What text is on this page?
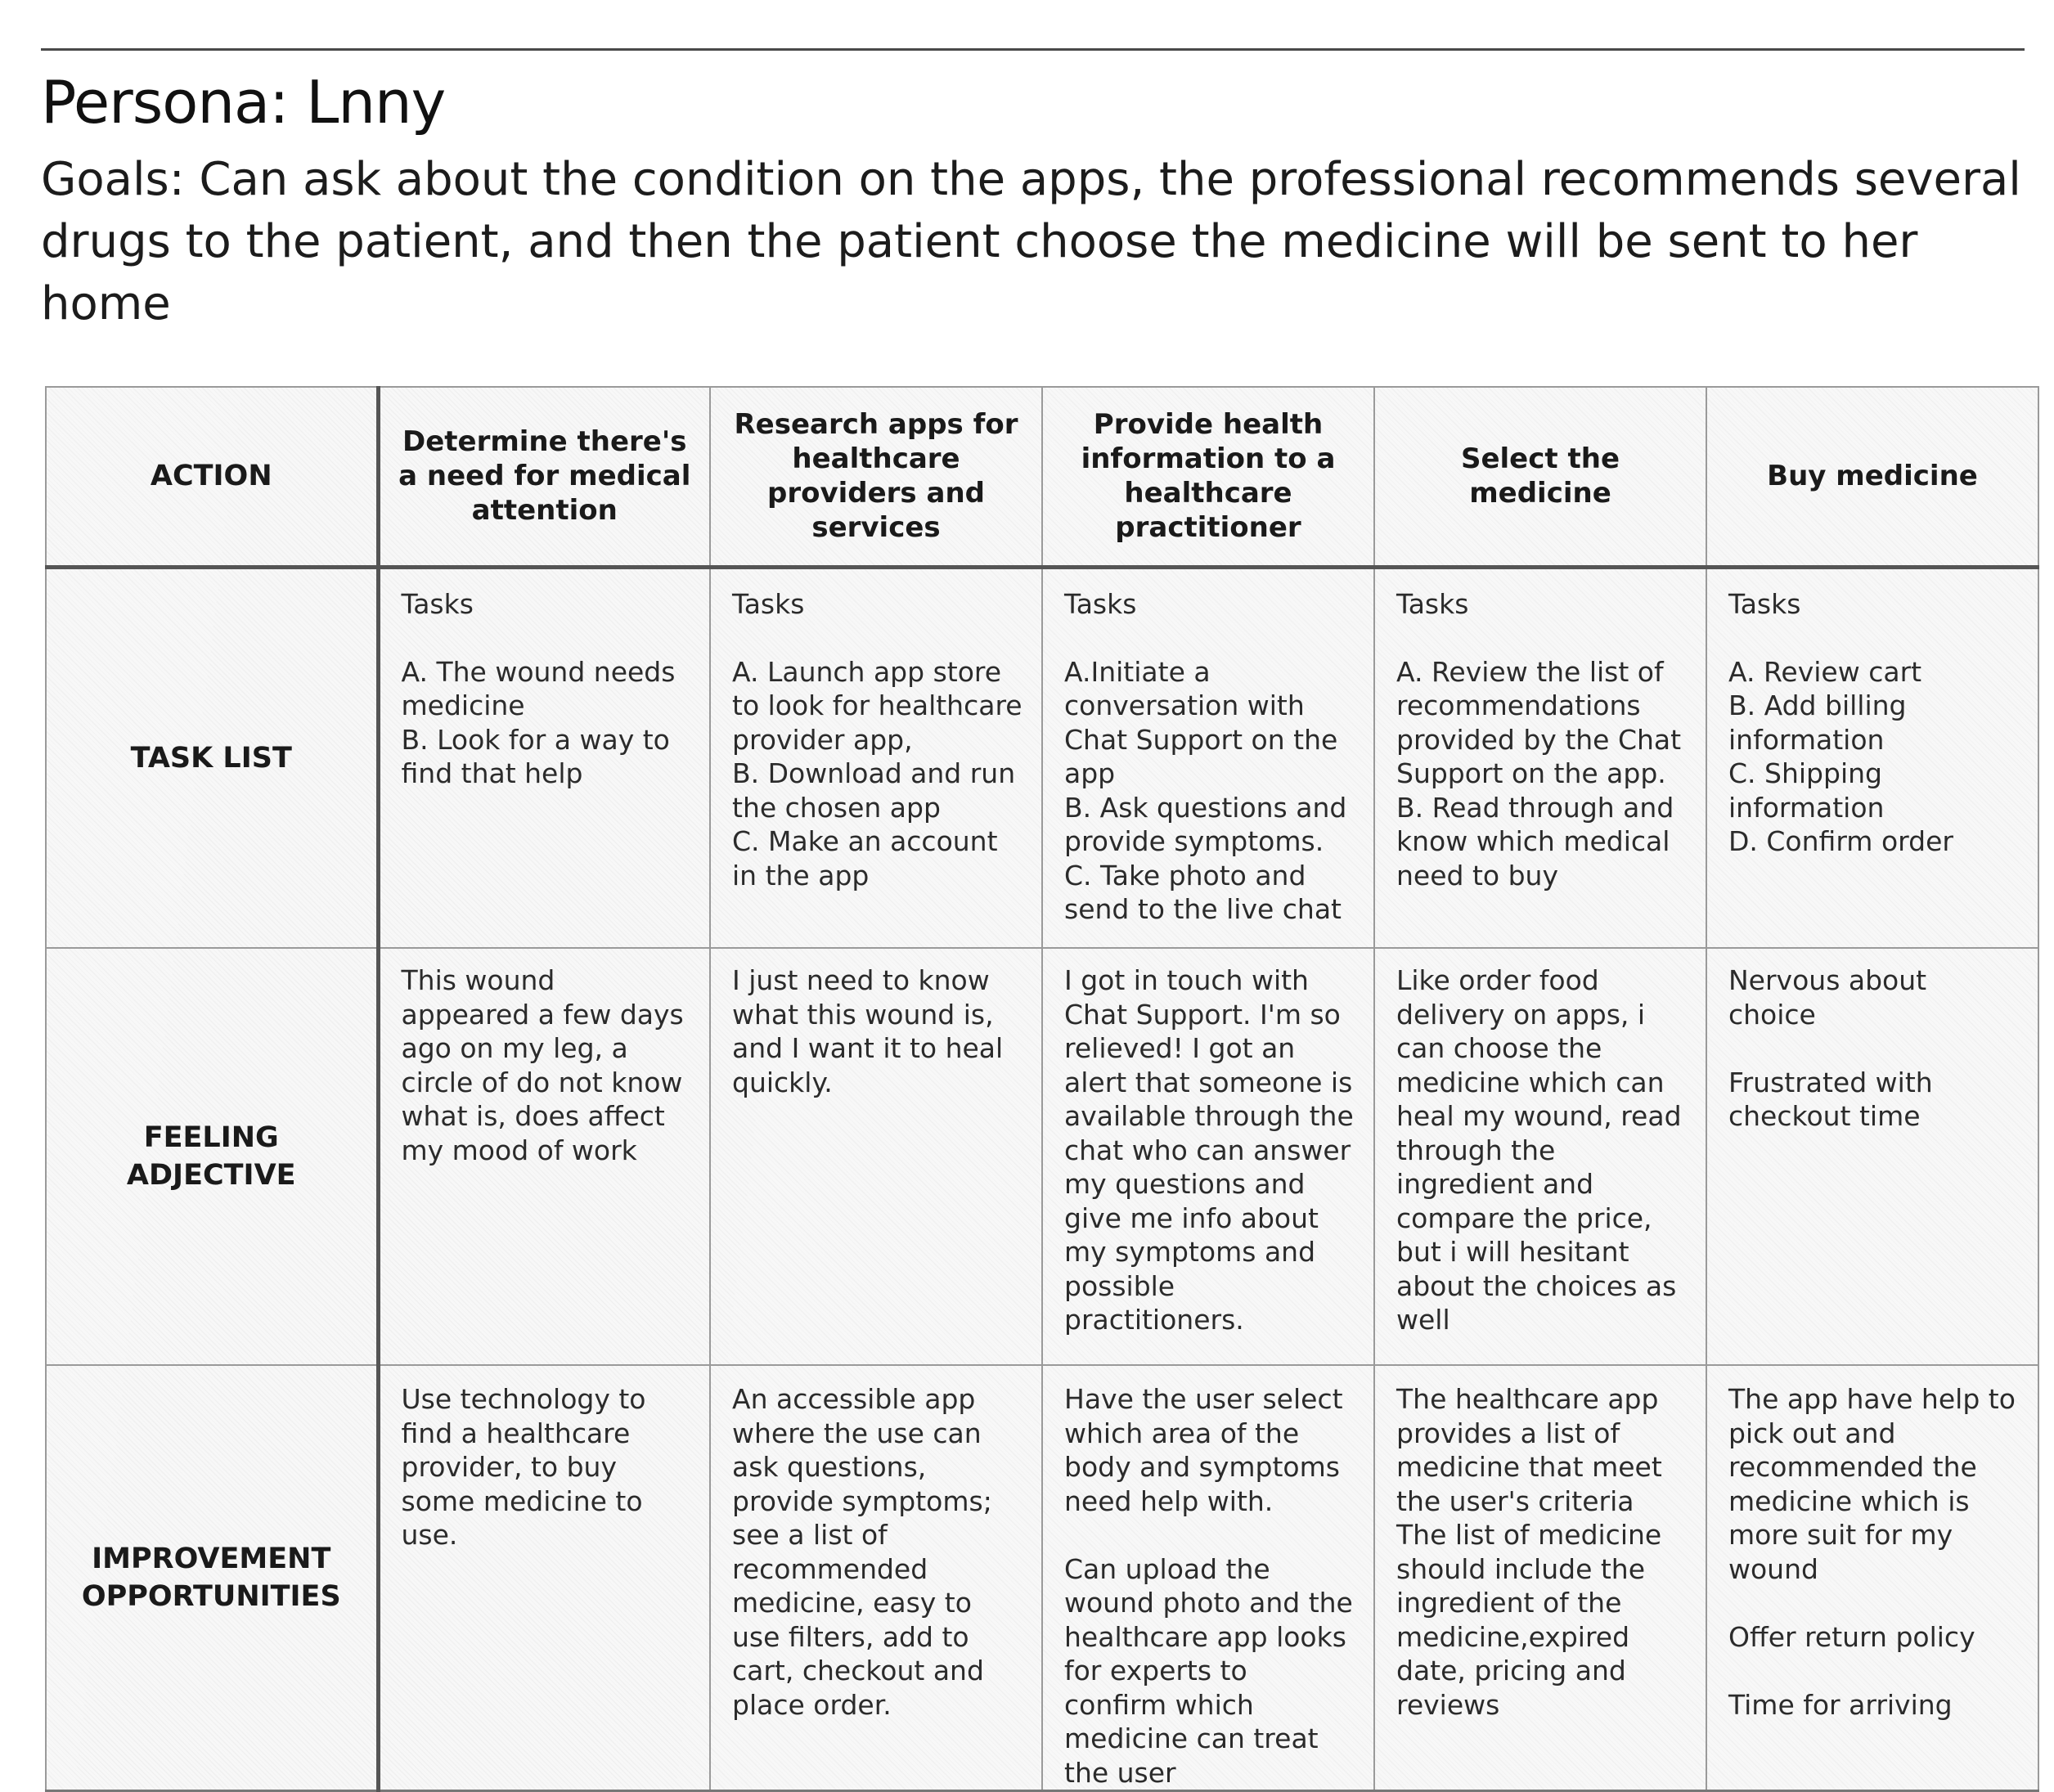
Persona: Lnny
Goals: Can ask about the condition on the apps, the professional recommends several drugs to the patient, and then the patient choose the medicine will be sent to her home
ACTION	Determine there's a need for medical attention	Research apps for healthcare providers and services	Provide health information to a healthcare practitioner	Select the medicine	Buy medicine

TASK LIST	Tasks

A. The wound needs medicine
B. Look for a way to find that help	Tasks

A. Launch app store to look for healthcare provider app,
B. Download and run the chosen app
C. Make an account in the app	Tasks

A.Initiate a conversation with Chat Support on the app
B. Ask questions and provide symptoms.
C. Take photo and send to the live chat	Tasks

A. Review the list of recommendations provided by the Chat Support on the app.
B. Read through and know which medical need to buy	Tasks

A. Review cart
B. Add billing information
C. Shipping information
D. Confirm order

FEELING
ADJECTIVE	This wound appeared a few days ago on my leg, a circle of do not know what is, does affect my mood of work	I just need to know what this wound is, and I want it to heal quickly.	I got in touch with Chat Support. I'm so relieved! I got an alert that someone is available through the chat who can answer my questions and give me info about my symptoms and possible practitioners.	Like order food delivery on apps, i can choose the medicine which can heal my wound, read through the ingredient and compare the price, but i will hesitant about the choices as well	Nervous about choice

Frustrated with checkout time

IMPROVEMENT
OPPORTUNITIES	Use technology to find a healthcare provider, to buy some medicine to use.	An accessible app where the use can ask questions, provide symptoms; see a list of recommended medicine, easy to use filters, add to cart, checkout and place order.	Have the user select which area of the body and symptoms need help with.

Can upload the wound photo and the healthcare app looks for experts to confirm which medicine can treat the user	The healthcare app provides a list of medicine that meet the user's criteria
The list of medicine should include the ingredient of the medicine,expired date, pricing and reviews	The app have help to pick out and recommended the medicine which is more suit for my wound

Offer return policy

Time for arriving
